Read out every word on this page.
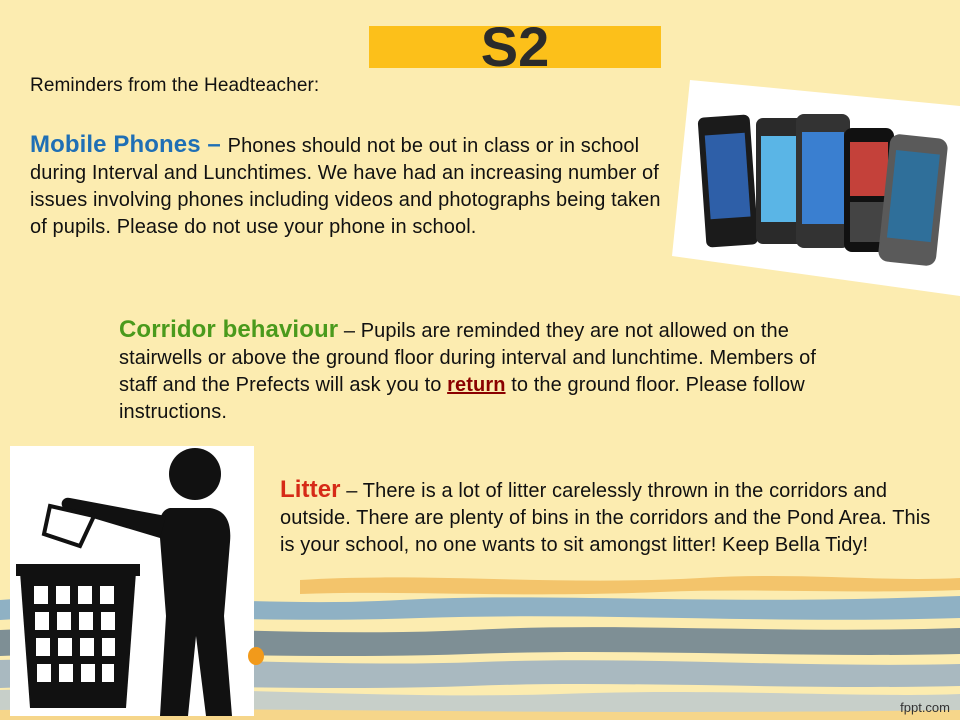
S2
Reminders from the Headteacher:
Mobile Phones – Phones should not be out in class or in school during Interval and Lunchtimes. We have had an increasing number of issues involving phones including videos and photographs being taken of pupils. Please do not use your phone in school.
Corridor behaviour – Pupils are reminded they are not allowed on the stairwells or above the ground floor during interval and lunchtime. Members of staff and the Prefects will ask you to return to the ground floor. Please follow instructions.
Litter – There is a lot of litter carelessly thrown in the corridors and outside. There are plenty of bins in the corridors and the Pond Area. This is your school, no one wants to sit amongst litter! Keep Bella Tidy!
fppt.com
